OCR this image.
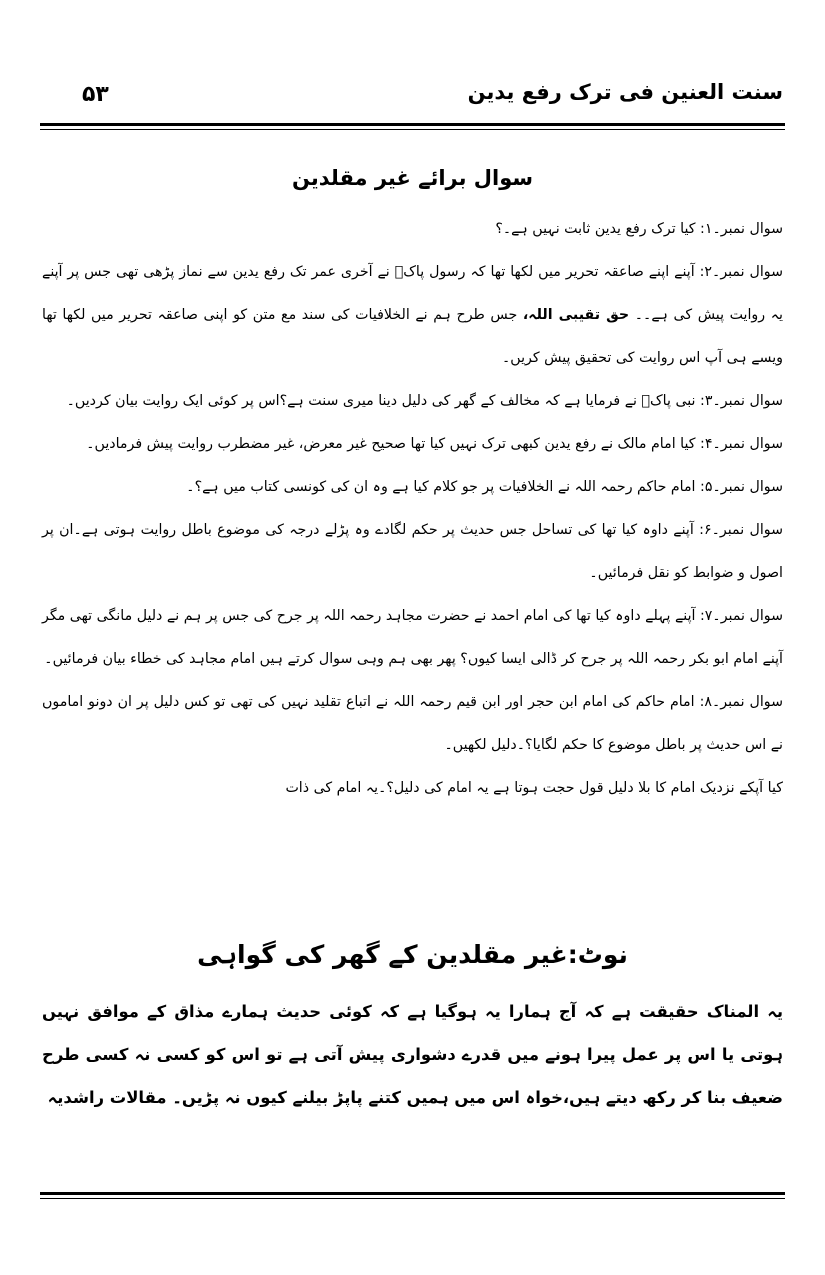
۵۳	سنت العنین فی ترک رفع یدین
سوال برائے غیر مقلدین

سوال نمبر۔۱: کیا ترک رفع یدین ثابت نہیں ہے۔؟

سوال نمبر۔۲: آپنے اپنے صاعقہ تحریر میں لکھا تھا کہ رسول پاکؐ نے آخری عمر تک رفع یدین سے نماز پڑھی تھی جس پر آپنے یہ روایت پیش کی ہے۔۔ حق تقیبی اللہ، جس طرح ہم نے الخلافیات کی سند مع متن کو اپنی صاعقہ تحریر میں لکھا تھا ویسے ہی آپ اس روایت کی تحقیق پیش کریں۔

سوال نمبر۔۳: نبی پاکؐ نے فرمایا ہے کہ مخالف کے گھر کی دلیل دینا میری سنت ہے؟اس پر کوئی ایک روایت بیان کردیں۔

سوال نمبر۔۴: کیا امام مالک نے رفع یدین کبھی ترک نہیں کیا تھا صحیح غیر معرض، غیر مضطرب روایت پیش فرمادیں۔

سوال نمبر۔۵: امام حاکم رحمہ اللہ نے الخلافیات پر جو کلام کیا ہے وہ ان کی کونسی کتاب میں ہے؟۔

سوال نمبر۔۶: آپنے داوہ کیا تھا کی تساحل جس حدیث پر حکم لگادے وہ پڑلے درجہ کی موضوع باطل روایت ہوتی ہے۔ان پر اصول و ضوابط کو نقل فرمائیں۔

سوال نمبر۔۷: آپنے پہلے داوہ کیا تھا کی امام احمد نے حضرت مجاہد رحمہ اللہ پر جرح کی جس پر ہم نے دلیل مانگی تھی مگر آپنے امام ابو بکر رحمہ اللہ پر جرح کر ڈالی ایسا کیوں؟ پھر بھی ہم وہی سوال کرتے ہیں امام مجاہد کی خطاء بیان فرمائیں۔

سوال نمبر۔۸: امام حاکم کی امام ابن حجر اور ابن قیم رحمہ اللہ نے اتباع تقلید نہیں کی تھی تو کس دلیل پر ان دونو اماموں نے اس حدیث پر باطل موضوع کا حکم لگایا؟۔دلیل لکھیں۔

کیا آپکے نزدیک امام کا بلا دلیل قول حجت ہوتا ہے یہ امام کی دلیل؟۔یہ امام کی ذات

نوٹ:غیر مقلدین کے گھر کی گواہی

یہ المناک حقیقت ہے کہ آج ہمارا یہ ہوگیا ہے کہ کوئی حدیث ہمارے مذاق کے موافق نہیں ہوتی یا اس پر عمل پیرا ہونے میں قدرے دشواری پیش آتی ہے تو اس کو کسی نہ کسی طرح ضعیف بنا کر رکھ دیتے ہیں،خواہ اس میں ہمیں کتنے پاپڑ بیلنے کیوں نہ پڑیں۔ مقالات راشدیہ
